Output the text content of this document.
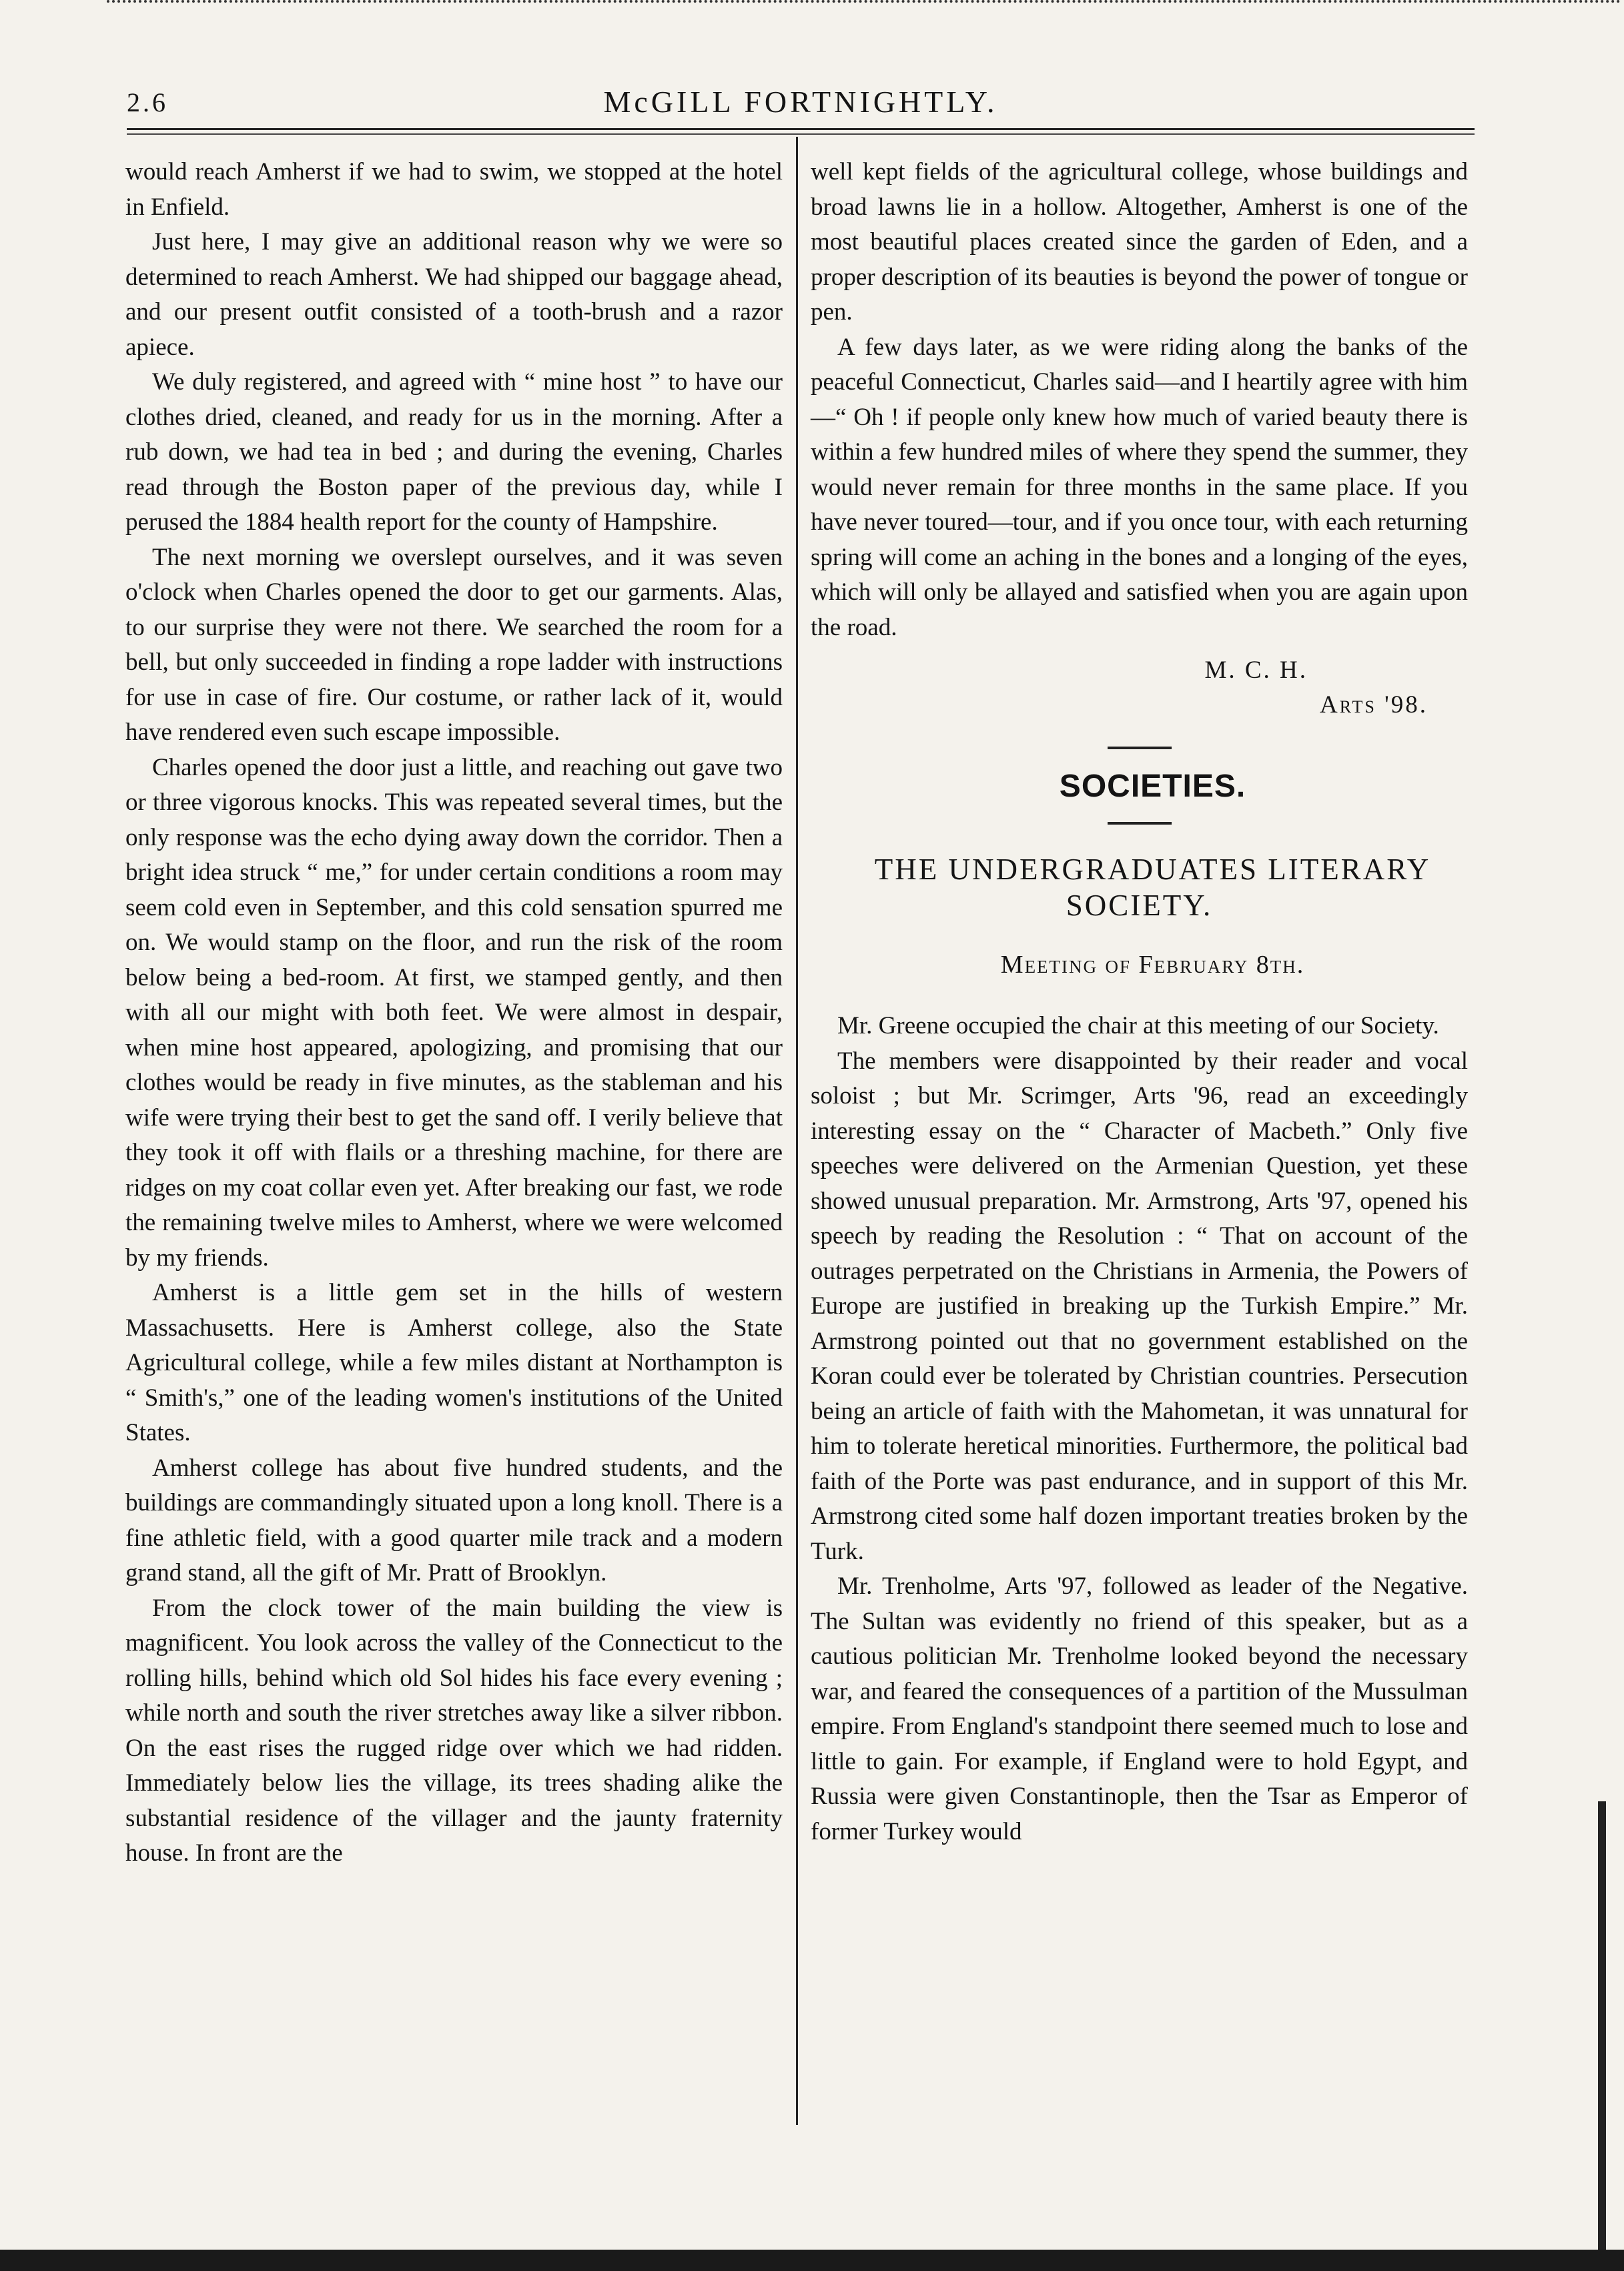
2.6	McGILL FORTNIGHTLY.

would reach Amherst if we had to swim, we stopped at the hotel in Enfield.

Just here, I may give an additional reason why we were so determined to reach Amherst. We had shipped our baggage ahead, and our present outfit consisted of a tooth-brush and a razor apiece.

We duly registered, and agreed with “ mine host ” to have our clothes dried, cleaned, and ready for us in the morning. After a rub down, we had tea in bed ; and during the evening, Charles read through the Boston paper of the previous day, while I perused the 1884 health report for the county of Hampshire.

The next morning we overslept ourselves, and it was seven o'clock when Charles opened the door to get our garments. Alas, to our surprise they were not there. We searched the room for a bell, but only succeeded in finding a rope ladder with instructions for use in case of fire. Our costume, or rather lack of it, would have rendered even such escape impossible.

Charles opened the door just a little, and reaching out gave two or three vigorous knocks. This was repeated several times, but the only response was the echo dying away down the corridor. Then a bright idea struck “ me,” for under certain conditions a room may seem cold even in September, and this cold sensation spurred me on. We would stamp on the floor, and run the risk of the room below being a bed-room. At first, we stamped gently, and then with all our might with both feet. We were almost in despair, when mine host appeared, apologizing, and promising that our clothes would be ready in five minutes, as the stableman and his wife were trying their best to get the sand off. I verily believe that they took it off with flails or a threshing machine, for there are ridges on my coat collar even yet. After breaking our fast, we rode the remaining twelve miles to Amherst, where we were welcomed by my friends.

Amherst is a little gem set in the hills of western Massachusetts. Here is Amherst college, also the State Agricultural college, while a few miles distant at Northampton is “ Smith's,” one of the leading women's institutions of the United States.

Amherst college has about five hundred students, and the buildings are commandingly situated upon a long knoll. There is a fine athletic field, with a good quarter mile track and a modern grand stand, all the gift of Mr. Pratt of Brooklyn.

From the clock tower of the main building the view is magnificent. You look across the valley of the Connecticut to the rolling hills, behind which old Sol hides his face every evening ; while north and south the river stretches away like a silver ribbon. On the east rises the rugged ridge over which we had ridden. Immediately below lies the village, its trees shading alike the substantial residence of the villager and the jaunty fraternity house. In front are the

well kept fields of the agricultural college, whose buildings and broad lawns lie in a hollow. Altogether, Amherst is one of the most beautiful places created since the garden of Eden, and a proper description of its beauties is beyond the power of tongue or pen.

A few days later, as we were riding along the banks of the peaceful Connecticut, Charles said—and I heartily agree with him—“ Oh ! if people only knew how much of varied beauty there is within a few hundred miles of where they spend the summer, they would never remain for three months in the same place. If you have never toured—tour, and if you once tour, with each returning spring will come an aching in the bones and a longing of the eyes, which will only be allayed and satisfied when you are again upon the road.

M. C. H.

Arts '98.

SOCIETIES.

THE UNDERGRADUATES LITERARY SOCIETY.

Meeting of February 8th.

Mr. Greene occupied the chair at this meeting of our Society.

The members were disappointed by their reader and vocal soloist ; but Mr. Scrimger, Arts '96, read an exceedingly interesting essay on the “ Character of Macbeth.” Only five speeches were delivered on the Armenian Question, yet these showed unusual preparation. Mr. Armstrong, Arts '97, opened his speech by reading the Resolution : “ That on account of the outrages perpetrated on the Christians in Armenia, the Powers of Europe are justified in breaking up the Turkish Empire.” Mr. Armstrong pointed out that no government established on the Koran could ever be tolerated by Christian countries. Persecution being an article of faith with the Mahometan, it was unnatural for him to tolerate heretical minorities. Furthermore, the political bad faith of the Porte was past endurance, and in support of this Mr. Armstrong cited some half dozen important treaties broken by the Turk.

Mr. Trenholme, Arts '97, followed as leader of the Negative. The Sultan was evidently no friend of this speaker, but as a cautious politician Mr. Trenholme looked beyond the necessary war, and feared the consequences of a partition of the Mussulman empire. From England's standpoint there seemed much to lose and little to gain. For example, if England were to hold Egypt, and Russia were given Constantinople, then the Tsar as Emperor of former Turkey would
